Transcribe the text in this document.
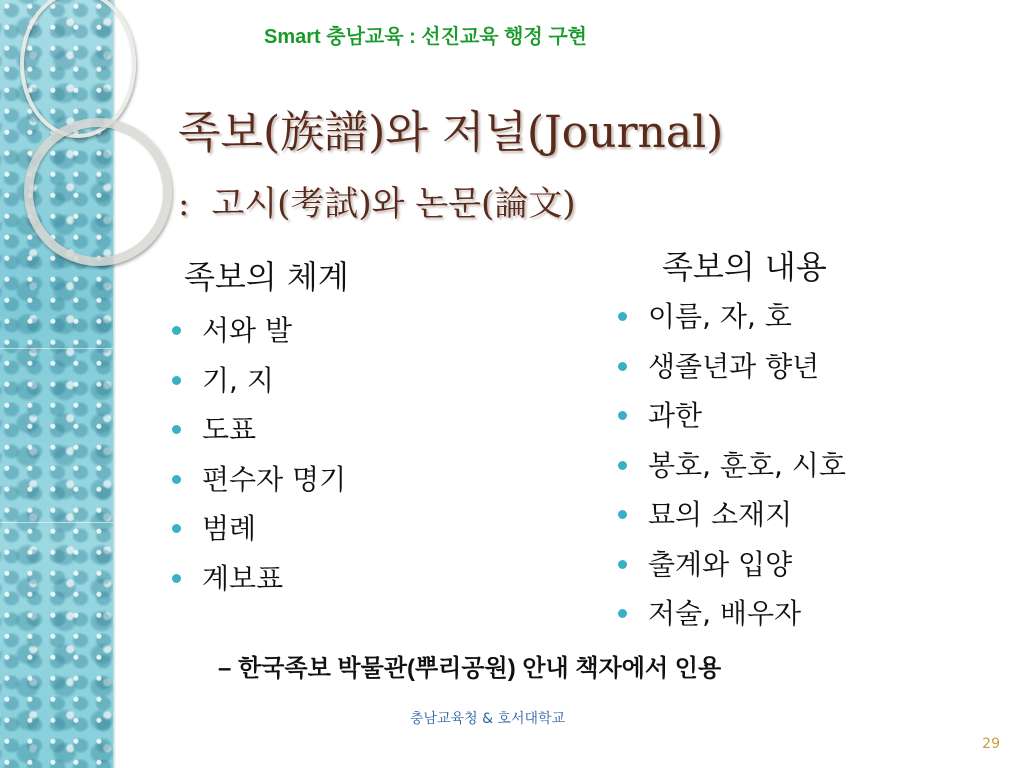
Smart 충남교육 : 선진교육 행정 구현
족보(族譜)와 저널(Journal)
: 고시(考試)와 논문(論文)
족보의 체계
서와 발
기, 지
도표
편수자 명기
범례
계보표
족보의 내용
이름, 자, 호
생졸년과 향년
과한
봉호, 훈호, 시호
묘의 소재지
출계와 입양
저술, 배우자
– 한국족보 박물관(뿌리공원) 안내 책자에서 인용
충남교육청 & 호서대학교
29
